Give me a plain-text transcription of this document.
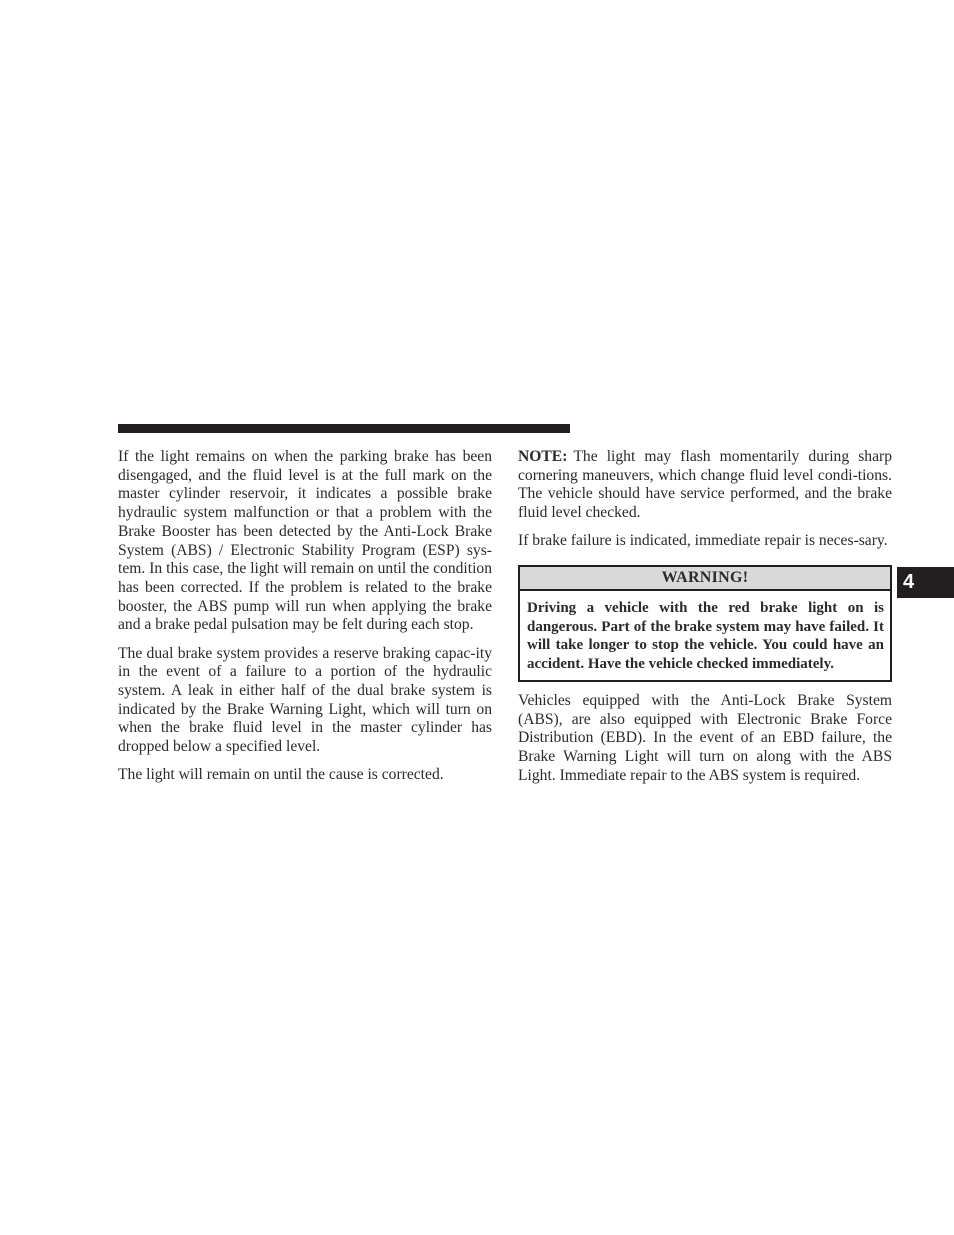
If the light remains on when the parking brake has been disengaged, and the fluid level is at the full mark on the master cylinder reservoir, it indicates a possible brake hydraulic system malfunction or that a problem with the Brake Booster has been detected by the Anti-Lock Brake System (ABS) / Electronic Stability Program (ESP) sys-tem. In this case, the light will remain on until the condition has been corrected. If the problem is related to the brake booster, the ABS pump will run when applying the brake and a brake pedal pulsation may be felt during each stop.

The dual brake system provides a reserve braking capac-ity in the event of a failure to a portion of the hydraulic system. A leak in either half of the dual brake system is indicated by the Brake Warning Light, which will turn on when the brake fluid level in the master cylinder has dropped below a specified level.

The light will remain on until the cause is corrected.

NOTE: The light may flash momentarily during sharp cornering maneuvers, which change fluid level condi-tions. The vehicle should have service performed, and the brake fluid level checked.

If brake failure is indicated, immediate repair is neces-sary.

WARNING!
Driving a vehicle with the red brake light on is dangerous. Part of the brake system may have failed. It will take longer to stop the vehicle. You could have an accident. Have the vehicle checked immediately.

Vehicles equipped with the Anti-Lock Brake System (ABS), are also equipped with Electronic Brake Force Distribution (EBD). In the event of an EBD failure, the Brake Warning Light will turn on along with the ABS Light. Immediate repair to the ABS system is required.

4
